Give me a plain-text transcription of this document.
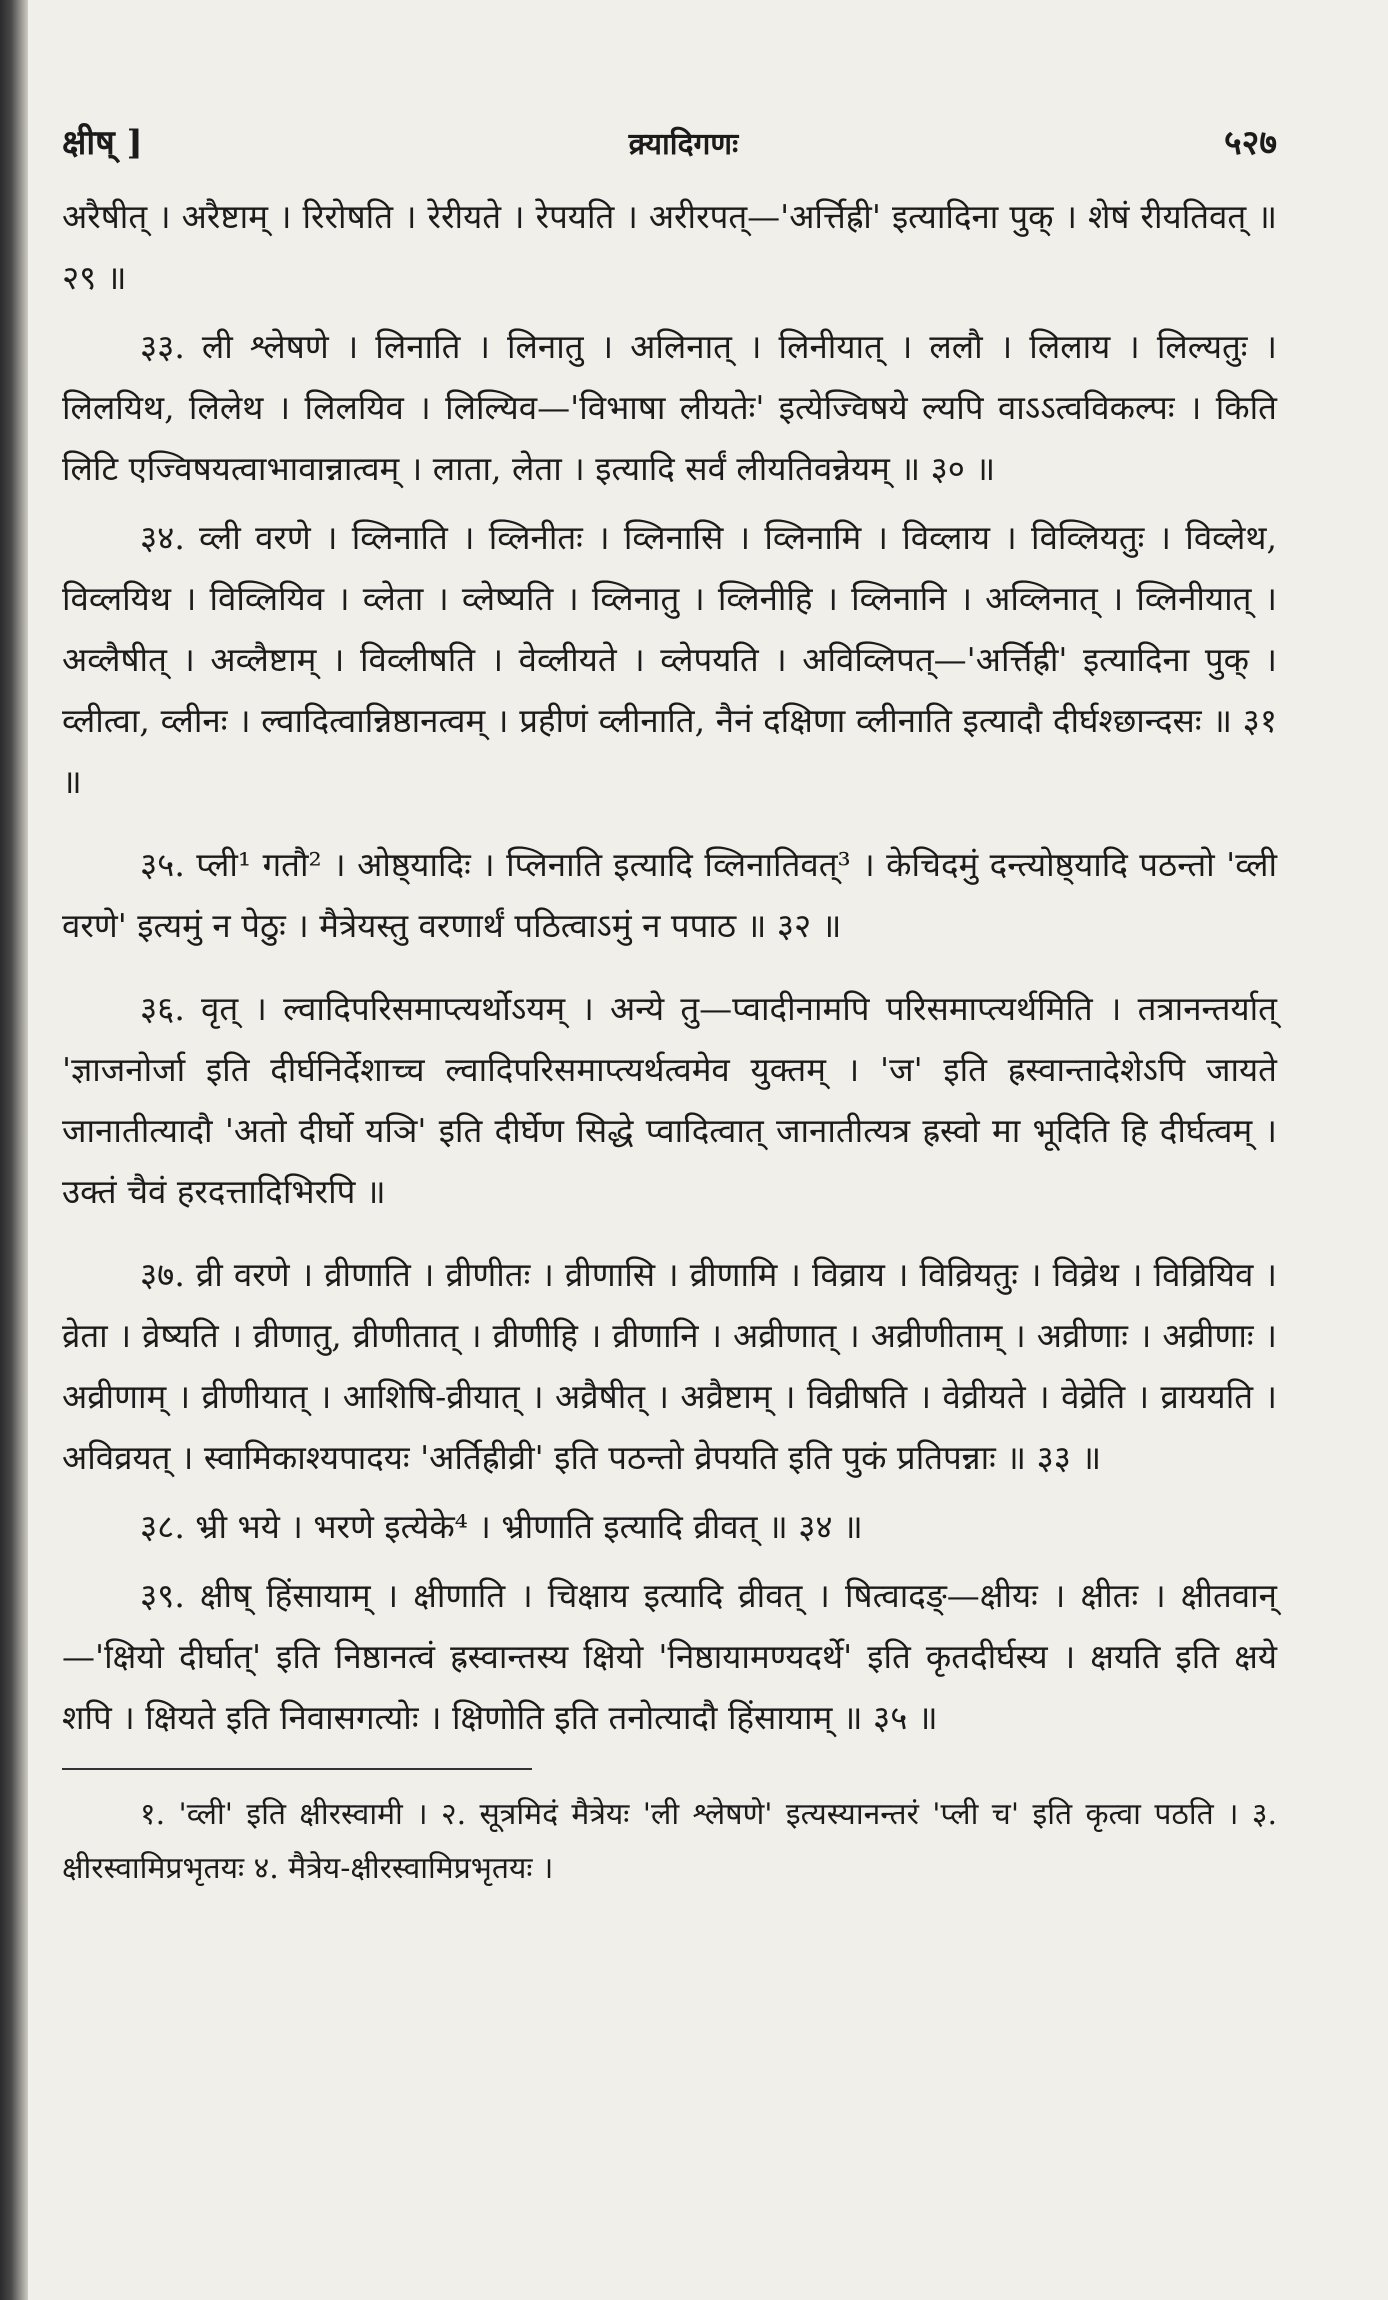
क्षीष् ]	क्र्यादिगणः	५२७

अरैषीत् । अरैष्टाम् । रिरोषति । रेरीयते । रेपयति । अरीरपत्—'अर्त्तिह्री' इत्यादिना पुक् । शेषं रीयतिवत् ॥ २९ ॥

३३. ली श्लेषणे । लिनाति । लिनातु । अलिनात् । लिनीयात् । ललौ । लिलाय । लिल्यतुः । लिलयिथ, लिलेथ । लिलयिव । लिल्यिव—'विभाषा लीयतेः' इत्येज्विषये ल्यपि वाऽऽत्वविकल्पः । किति लिटि एज्विषयत्वाभावान्नात्वम् । लाता, लेता । इत्यादि सर्वं लीयतिवन्नेयम् ॥ ३० ॥

३४. व्ली वरणे । व्लिनाति । व्लिनीतः । व्लिनासि । व्लिनामि । विव्लाय । विव्लियतुः । विव्लेथ, विव्लयिथ । विव्लियिव । व्लेता । व्लेष्यति । व्लिनातु । व्लिनीहि । व्लिनानि । अव्लिनात् । व्लिनीयात् । अव्लैषीत् । अव्लैष्टाम् । विव्लीषति । वेव्लीयते । व्लेपयति । अविव्लिपत्—'अर्त्तिह्री' इत्यादिना पुक् । व्लीत्वा, व्लीनः । ल्वादित्वान्निष्ठानत्वम् । प्रहीणं व्लीनाति, नैनं दक्षिणा व्लीनाति इत्यादौ दीर्घश्छान्दसः ॥ ३१ ॥

३५. प्ली¹ गतौ² । ओष्ठ्यादिः । प्लिनाति इत्यादि व्लिनातिवत्³ । केचिदमुं दन्त्योष्ठ्यादि पठन्तो 'व्ली वरणे' इत्यमुं न पेठुः । मैत्रेयस्तु वरणार्थं पठित्वाऽमुं न पपाठ ॥ ३२ ॥

३६. वृत् । ल्वादिपरिसमाप्त्यर्थोऽयम् । अन्ये तु—प्वादीनामपि परिसमाप्त्यर्थमिति । तत्रानन्तर्यात् 'ज्ञाजनोर्जा इति दीर्घनिर्देशाच्च ल्वादिपरिसमाप्त्यर्थत्वमेव युक्तम् । 'ज' इति ह्रस्वान्तादेशेऽपि जायते जानातीत्यादौ 'अतो दीर्घो यञि' इति दीर्घेण सिद्धे प्वादित्वात् जानातीत्यत्र ह्रस्वो मा भूदिति हि दीर्घत्वम् । उक्तं चैवं हरदत्तादिभिरपि ॥

३७. व्री वरणे । व्रीणाति । व्रीणीतः । व्रीणासि । व्रीणामि । विव्राय । विव्रियतुः । विव्रेथ । विव्रियिव । व्रेता । व्रेष्यति । व्रीणातु, व्रीणीतात् । व्रीणीहि । व्रीणानि । अव्रीणात् । अव्रीणीताम् । अव्रीणाः । अव्रीणाः । अव्रीणाम् । व्रीणीयात् । आशिषि-व्रीयात् । अव्रैषीत् । अव्रैष्टाम् । विव्रीषति । वेव्रीयते । वेव्रेति । व्राययति । अविव्रयत् । स्वामिकाश्यपादयः 'अर्तिह्रीव्री' इति पठन्तो व्रेपयति इति पुकं प्रतिपन्नाः ॥ ३३ ॥

३८. भ्री भये । भरणे इत्येके⁴ । भ्रीणाति इत्यादि व्रीवत् ॥ ३४ ॥

३९. क्षीष् हिंसायाम् । क्षीणाति । चिक्षाय इत्यादि व्रीवत् । षित्वादङ्—क्षीयः । क्षीतः । क्षीतवान्—'क्षियो दीर्घात्' इति निष्ठानत्वं ह्रस्वान्तस्य क्षियो 'निष्ठायामण्यदर्थे' इति कृतदीर्घस्य । क्षयति इति क्षये शपि । क्षियते इति निवासगत्योः । क्षिणोति इति तनोत्यादौ हिंसायाम् ॥ ३५ ॥

१. 'व्ली' इति क्षीरस्वामी । २. सूत्रमिदं मैत्रेयः 'ली श्लेषणे' इत्यस्यानन्तरं 'प्ली च' इति कृत्वा पठति । ३. क्षीरस्वामिप्रभृतयः ४. मैत्रेय-क्षीरस्वामिप्रभृतयः ।
